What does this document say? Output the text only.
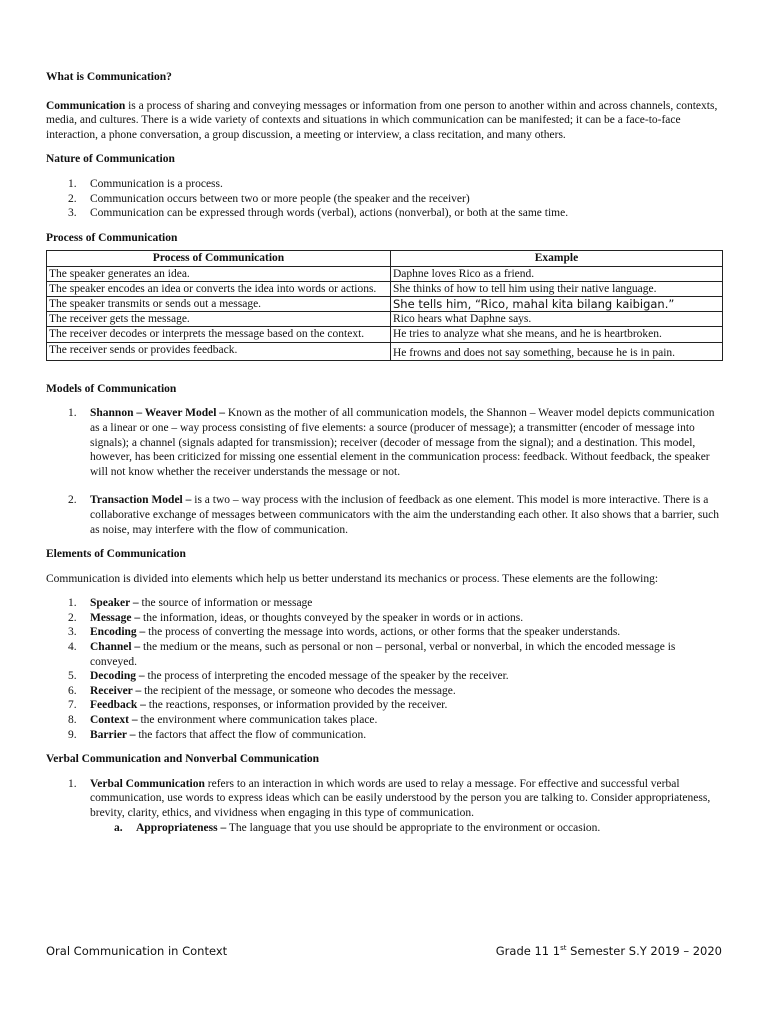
What is Communication?

Communication is a process of sharing and conveying messages or information from one person to another within and across channels, contexts, media, and cultures. There is a wide variety of contexts and situations in which communication can be manifested; it can be a face-to-face interaction, a phone conversation, a group discussion, a meeting or interview, a class recitation, and many others.

Nature of Communication

1. Communication is a process.
2. Communication occurs between two or more people (the speaker and the receiver)
3. Communication can be expressed through words (verbal), actions (nonverbal), or both at the same time.

Process of Communication

Process of Communication	Example
The speaker generates an idea.	Daphne loves Rico as a friend.
The speaker encodes an idea or converts the idea into words or actions.	She thinks of how to tell him using their native language.
The speaker transmits or sends out a message.	She tells him, “Rico, mahal kita bilang kaibigan.”
The receiver gets the message.	Rico hears what Daphne says.
The receiver decodes or interprets the message based on the context.	He tries to analyze what she means, and he is heartbroken.
The receiver sends or provides feedback.	He frowns and does not say something, because he is in pain.

Models of Communication

1. Shannon – Weaver Model – Known as the mother of all communication models, the Shannon – Weaver model depicts communication as a linear or one – way process consisting of five elements: a source (producer of message); a transmitter (encoder of message into signals); a channel (signals adapted for transmission); receiver (decoder of message from the signal); and a destination. This model, however, has been criticized for missing one essential element in the communication process: feedback. Without feedback, the speaker will not know whether the receiver understands the message or not.
2. Transaction Model – is a two – way process with the inclusion of feedback as one element. This model is more interactive. There is a collaborative exchange of messages between communicators with the aim the understanding each other. It also shows that a barrier, such as noise, may interfere with the flow of communication.

Elements of Communication

Communication is divided into elements which help us better understand its mechanics or process. These elements are the following:

1. Speaker – the source of information or message
2. Message – the information, ideas, or thoughts conveyed by the speaker in words or in actions.
3. Encoding – the process of converting the message into words, actions, or other forms that the speaker understands.
4. Channel – the medium or the means, such as personal or non – personal, verbal or nonverbal, in which the encoded message is conveyed.
5. Decoding – the process of interpreting the encoded message of the speaker by the receiver.
6. Receiver – the recipient of the message, or someone who decodes the message.
7. Feedback – the reactions, responses, or information provided by the receiver.
8. Context – the environment where communication takes place.
9. Barrier – the factors that affect the flow of communication.

Verbal Communication and Nonverbal Communication

1. Verbal Communication refers to an interaction in which words are used to relay a message. For effective and successful verbal communication, use words to express ideas which can be easily understood by the person you are talking to. Consider appropriateness, brevity, clarity, ethics, and vividness when engaging in this type of communication.
a. Appropriateness – The language that you use should be appropriate to the environment or occasion.
Oral Communication in Context	Grade 11 1st Semester S.Y 2019 – 2020
